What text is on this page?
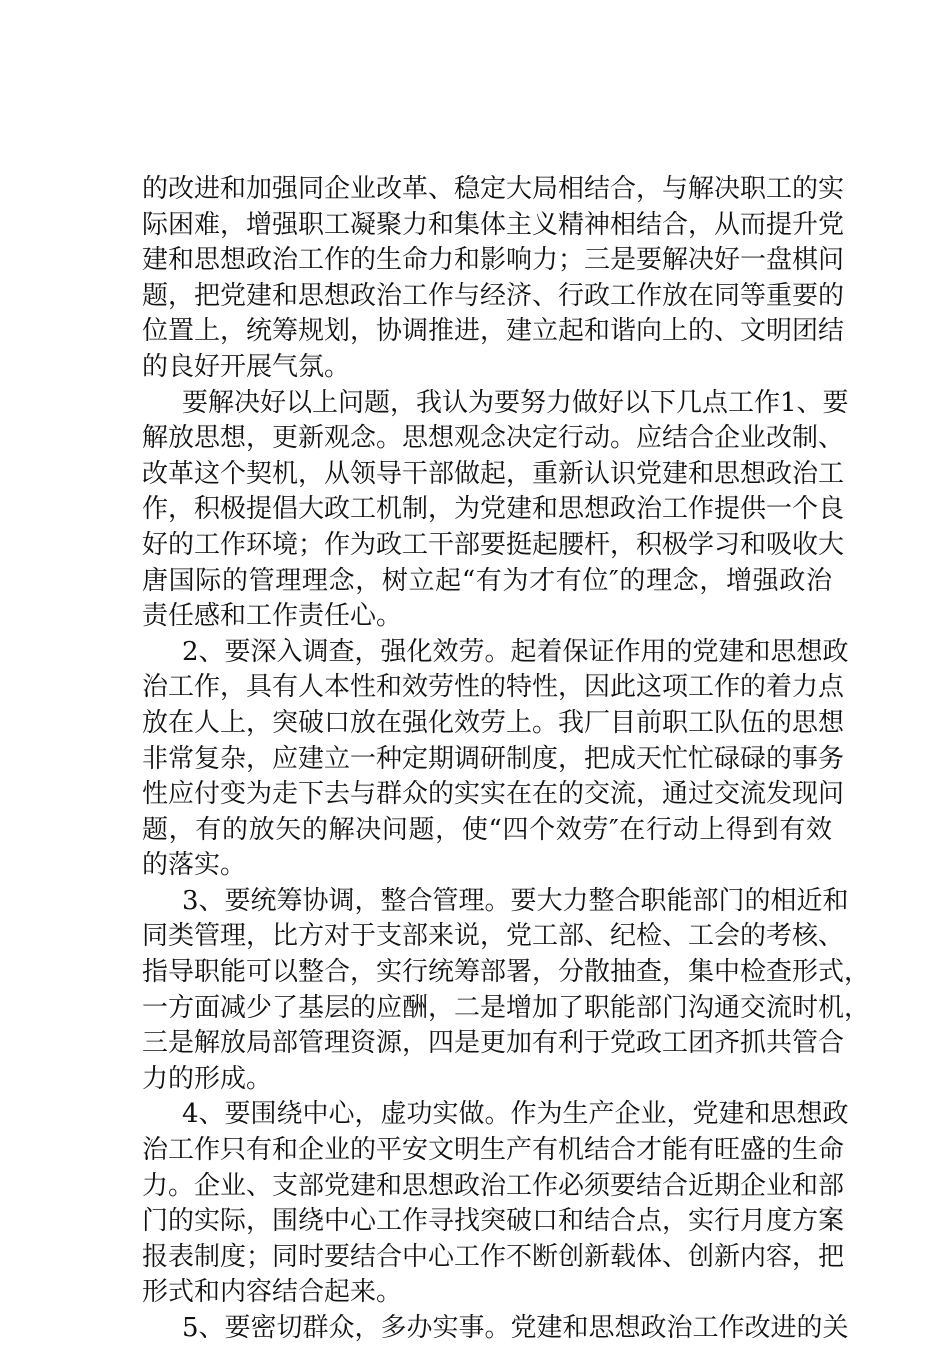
的改进和加强同企业改革、稳定大局相结合，与解决职工的实
际困难，增强职工凝聚力和集体主义精神相结合，从而提升党
建和思想政治工作的生命力和影响力；三是要解决好一盘棋问
题，把党建和思想政治工作与经济、行政工作放在同等重要的
位置上，统筹规划，协调推进，建立起和谐向上的、文明团结
的良好开展气氛。
要解决好以上问题，我认为要努力做好以下几点工作1、要
解放思想，更新观念。思想观念决定行动。应结合企业改制、
改革这个契机，从领导干部做起，重新认识党建和思想政治工
作，积极提倡大政工机制，为党建和思想政治工作提供一个良
好的工作环境；作为政工干部要挺起腰杆，积极学习和吸收大
唐国际的管理理念，树立起“有为才有位″的理念，增强政治
责任感和工作责任心。
2、要深入调查，强化效劳。起着保证作用的党建和思想政
治工作，具有人本性和效劳性的特性，因此这项工作的着力点
放在人上，突破口放在强化效劳上。我厂目前职工队伍的思想
非常复杂，应建立一种定期调研制度，把成天忙忙碌碌的事务
性应付变为走下去与群众的实实在在的交流，通过交流发现问
题，有的放矢的解决问题，使“四个效劳″在行动上得到有效
的落实。
3、要统筹协调，整合管理。要大力整合职能部门的相近和
同类管理，比方对于支部来说，党工部、纪检、工会的考核、
指导职能可以整合，实行统筹部署，分散抽查，集中检查形式，
一方面减少了基层的应酬，二是增加了职能部门沟通交流时机，
三是解放局部管理资源，四是更加有利于党政工团齐抓共管合
力的形成。
4、要围绕中心，虚功实做。作为生产企业，党建和思想政
治工作只有和企业的平安文明生产有机结合才能有旺盛的生命
力。企业、支部党建和思想政治工作必须要结合近期企业和部
门的实际，围绕中心工作寻找突破口和结合点，实行月度方案
报表制度；同时要结合中心工作不断创新载体、创新内容，把
形式和内容结合起来。
5、要密切群众，多办实事。党建和思想政治工作改进的关
